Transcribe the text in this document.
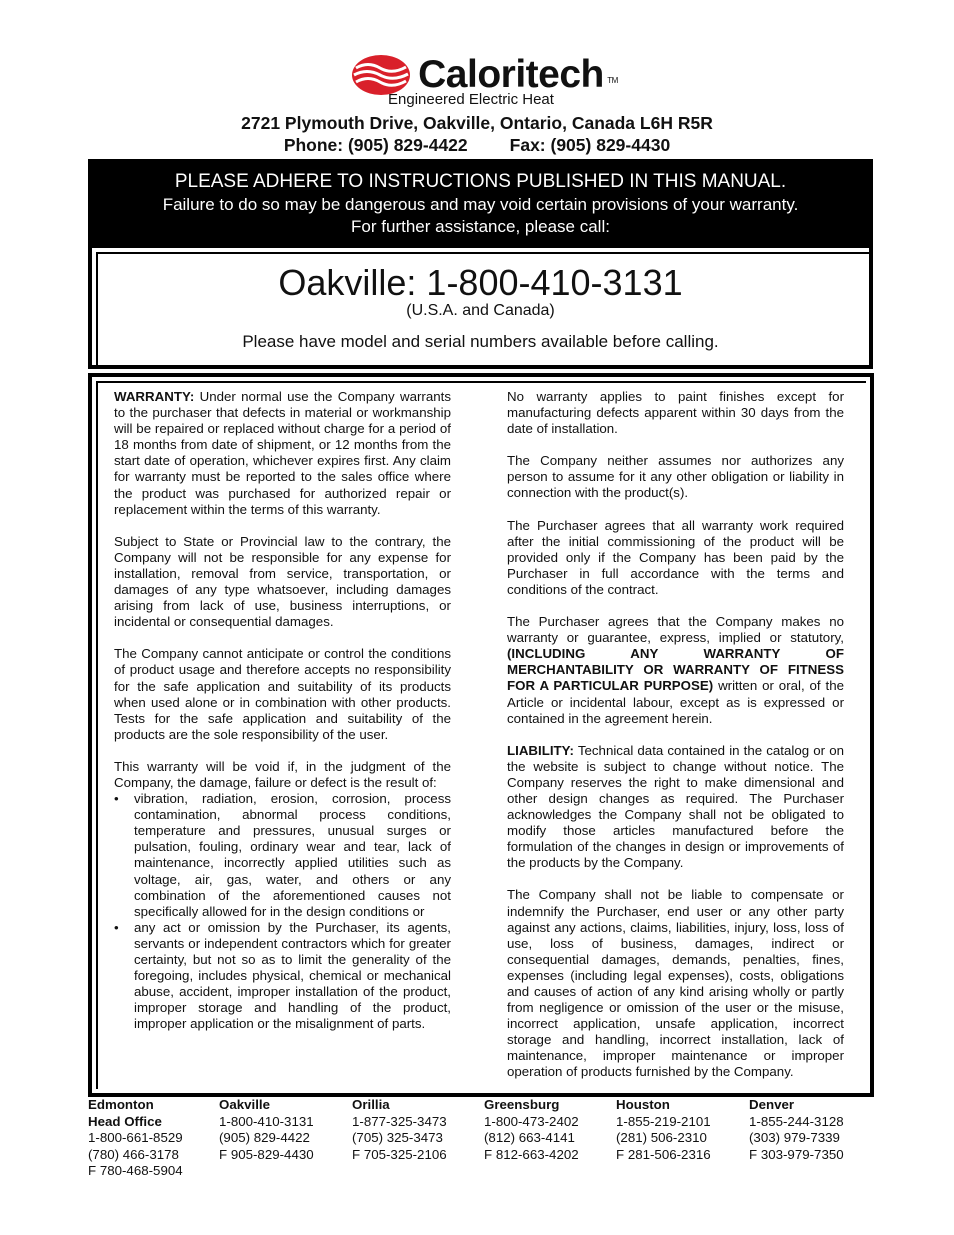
Caloritech TM
Engineered Electric Heat
2721 Plymouth Drive, Oakville, Ontario, Canada L6H R5R
Phone: (905) 829-4422 Fax: (905) 829-4430
PLEASE ADHERE TO INSTRUCTIONS PUBLISHED IN THIS MANUAL.
Failure to do so may be dangerous and may void certain provisions of your warranty.
For further assistance, please call:
Oakville: 1-800-410-3131
(U.S.A. and Canada)
Please have model and serial numbers available before calling.

WARRANTY: Under normal use the Company warrants to the purchaser that defects in material or workmanship will be repaired or replaced without charge for a period of 18 months from date of shipment, or 12 months from the start date of operation, whichever expires first. Any claim for warranty must be reported to the sales office where the product was purchased for authorized repair or replacement within the terms of this warranty.

Subject to State or Provincial law to the contrary, the Company will not be responsible for any expense for installation, removal from service, transportation, or damages of any type whatsoever, including damages arising from lack of use, business interruptions, or incidental or consequential damages.

The Company cannot anticipate or control the conditions of product usage and therefore accepts no responsibility for the safe application and suitability of its products when used alone or in combination with other products. Tests for the safe application and suitability of the products are the sole responsibility of the user.

This warranty will be void if, in the judgment of the Company, the damage, failure or defect is the result of:

• vibration, radiation, erosion, corrosion, process contamination, abnormal process conditions, temperature and pressures, unusual surges or pulsation, fouling, ordinary wear and tear, lack of maintenance, incorrectly applied utilities such as voltage, air, gas, water, and others or any combination of the aforementioned causes not specifically allowed for in the design conditions or
• any act or omission by the Purchaser, its agents, servants or independent contractors which for greater certainty, but not so as to limit the generality of the foregoing, includes physical, chemical or mechanical abuse, accident, improper installation of the product, improper storage and handling of the product, improper application or the misalignment of parts.

No warranty applies to paint finishes except for manufacturing defects apparent within 30 days from the date of installation.

The Company neither assumes nor authorizes any person to assume for it any other obligation or liability in connection with the product(s).

The Purchaser agrees that all warranty work required after the initial commissioning of the product will be provided only if the Company has been paid by the Purchaser in full accordance with the terms and conditions of the contract.

The Purchaser agrees that the Company makes no warranty or guarantee, express, implied or statutory, (INCLUDING ANY WARRANTY OF MERCHANTABILITY OR WARRANTY OF FITNESS FOR A PARTICULAR PURPOSE) written or oral, of the Article or incidental labour, except as is expressed or contained in the agreement herein.

LIABILITY: Technical data contained in the catalog or on the website is subject to change without notice. The Company reserves the right to make dimensional and other design changes as required. The Purchaser acknowledges the Company shall not be obligated to modify those articles manufactured before the formulation of the changes in design or improvements of the products by the Company.

The Company shall not be liable to compensate or indemnify the Purchaser, end user or any other party against any actions, claims, liabilities, injury, loss, loss of use, loss of business, damages, indirect or consequential damages, demands, penalties, fines, expenses (including legal expenses), costs, obligations and causes of action of any kind arising wholly or partly from negligence or omission of the user or the misuse, incorrect application, unsafe application, incorrect storage and handling, incorrect installation, lack of maintenance, improper maintenance or improper operation of products furnished by the Company.

Edmonton
Head Office
1-800-661-8529
(780) 466-3178
F 780-468-5904
Oakville
1-800-410-3131
(905) 829-4422
F 905-829-4430
Orillia
1-877-325-3473
(705) 325-3473
F 705-325-2106
Greensburg
1-800-473-2402
(812) 663-4141
F 812-663-4202
Houston
1-855-219-2101
(281) 506-2310
F 281-506-2316
Denver
1-855-244-3128
(303) 979-7339
F 303-979-7350
